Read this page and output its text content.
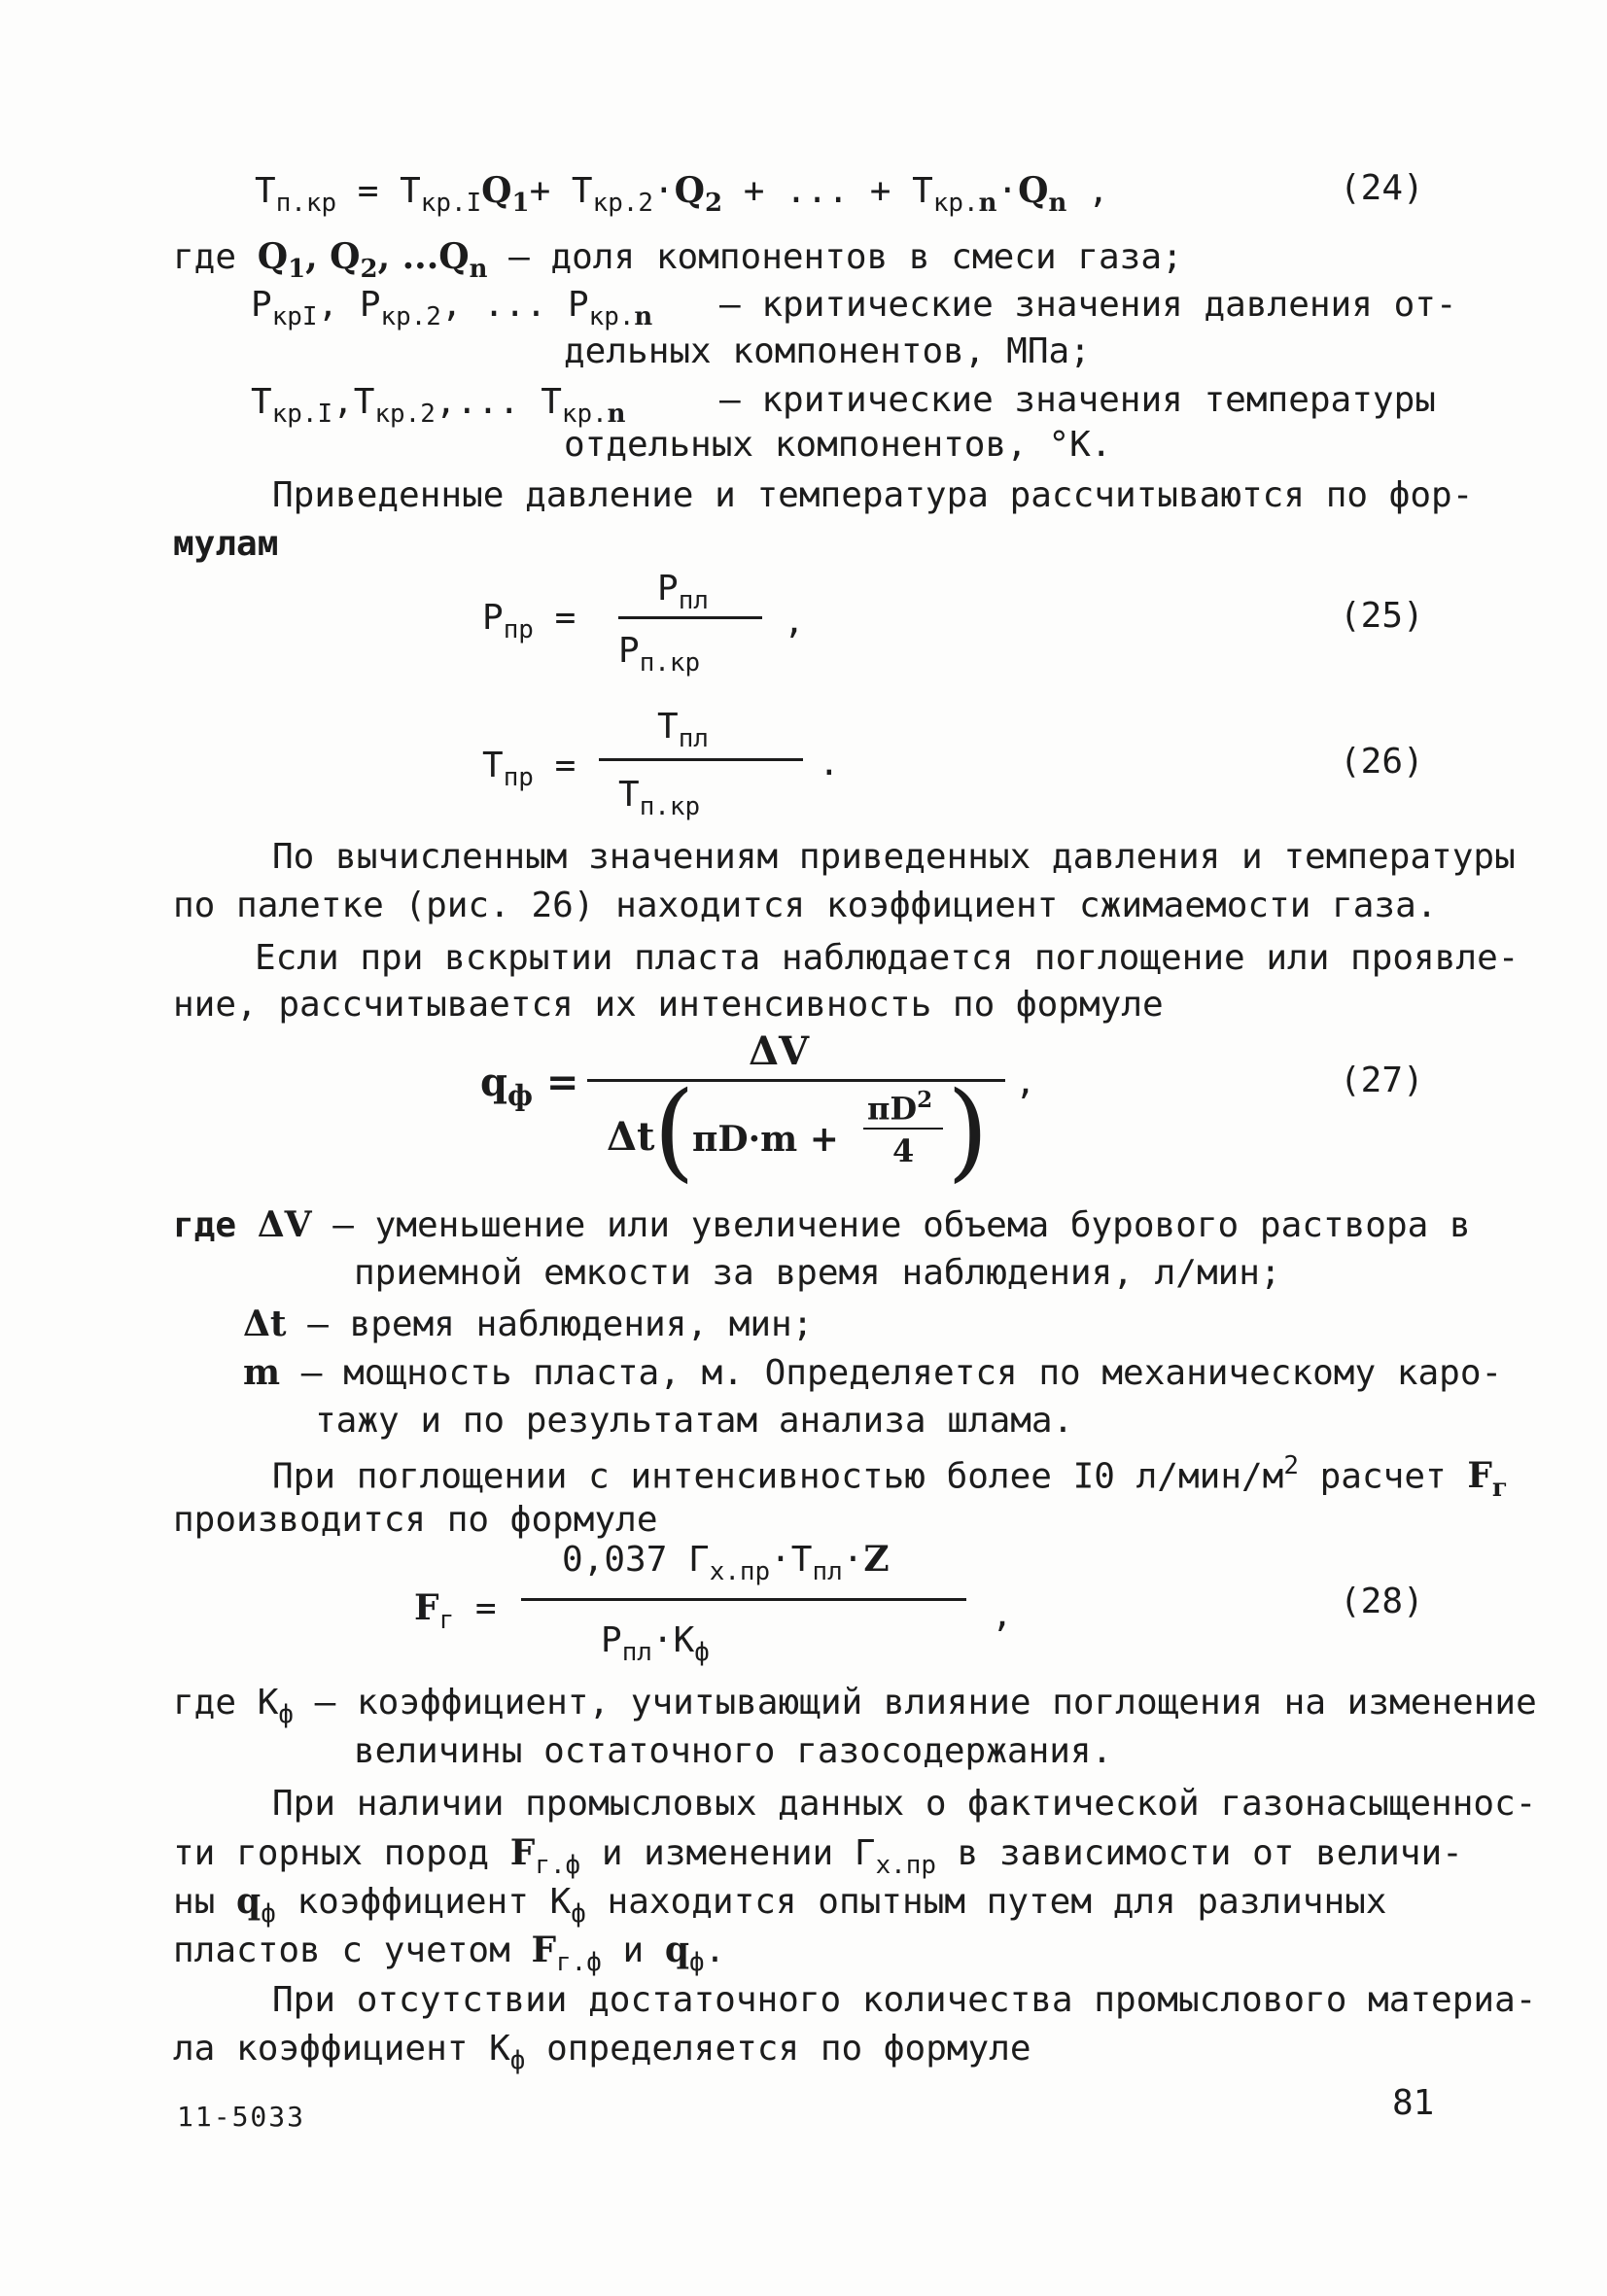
$T_{п.кр} = T_{кр.I}Q_1+ T_{кр.2}\cdot Q_2$ + ... + $T_{кр.n}\cdot Q_n$ ,	(24)
где $Q_1$, $Q_2$, $...Q_n$ – доля компонентов в смеси газа;
$P_{крI}$, $P_{кр.2}$, ... $P_{кр.n}$ – критические значения давления от-
дельных компонентов, МПа;
$T_{кр.I},T_{кр.2}$,... $T_{кр.n}$	– критические значения температуры
отдельных компонентов, °К.
Приведенные давление и температура рассчитываются по фор-
мулам
$P_{пр}$ =
$P_{пл}$
$P_{п.кр}$
,	(25)
$T_{пр}$ =
$T_{пл}$
$T_{п.кр}$
.	(26)
По вычисленным значениям приведенных давления и температуры
по палетке (рис. 26) находится коэффициент сжимаемости газа.
Если при вскрытии пласта наблюдается поглощение или проявле-
ние, рассчитывается их интенсивность по формуле
$q_ф$ =
ΔV
Δt
(
πD·m +
$\pi D^2$
4 ) ,	(27)
где ΔV – уменьшение или увеличение объема бурового раствора в
приемной емкости за время наблюдения, л/мин;
Δt – время наблюдения, мин;
m – мощность пласта, м. Определяется по механическому карo-
тажу и по результатам анализа шлама.
При поглощении с интенсивностью более I0 $л/мин/м^2$ расчет $F_г$
производится по формуле
$F_г$ =
0,037 $Г_{х.пр}\cdot T_{пл}\cdot Z$
$P_{пл}\cdot K_ф$
,	(28)
где $K_ф$ – коэффициент, учитывающий влияние поглощения на изменение
величины остаточного газосодержания.
При наличии промысловых данных о фактической газонасыщеннос-
ти горных пород $F_{г.ф}$ и изменении $Г_{х.пр}$ в зависимости от величи-
ны $q_ф$ коэффициент $K_ф$ находится опытным путем для различных
пластов с учетом $F_{г.ф}$ и $q_ф$.
При отсутствии достаточного количества промыслового материа-
ла коэффициент $K_ф$ определяется по формуле
11-5033	81
